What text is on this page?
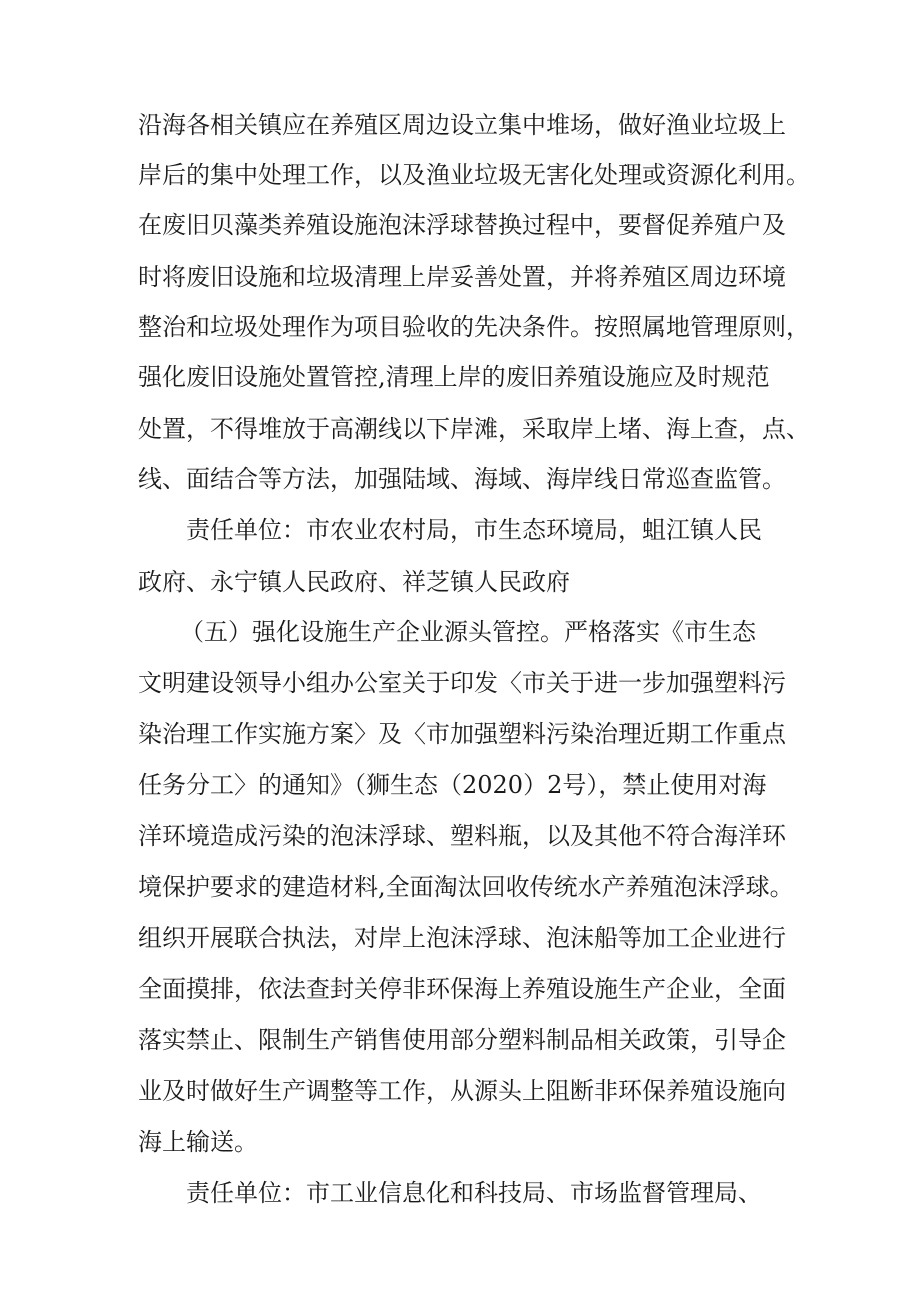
沿海各相关镇应在养殖区周边设立集中堆场，做好渔业垃圾上
岸后的集中处理工作，以及渔业垃圾无害化处理或资源化利用。
在废旧贝藻类养殖设施泡沫浮球替换过程中，要督促养殖户及
时将废旧设施和垃圾清理上岸妥善处置，并将养殖区周边环境
整治和垃圾处理作为项目验收的先决条件。按照属地管理原则，
强化废旧设施处置管控,清理上岸的废旧养殖设施应及时规范
处置，不得堆放于高潮线以下岸滩，采取岸上堵、海上查，点、
线、面结合等方法，加强陆域、海域、海岸线日常巡查监管。
责任单位：市农业农村局，市生态环境局，蛆江镇人民
政府、永宁镇人民政府、祥芝镇人民政府
（五）强化设施生产企业源头管控。严格落实《市生态
文明建设领导小组办公室关于印发〈市关于进一步加强塑料污
染治理工作实施方案〉及〈市加强塑料污染治理近期工作重点
任务分工〉的通知》（狮生态（2020）2号），禁止使用对海
洋环境造成污染的泡沫浮球、塑料瓶，以及其他不符合海洋环
境保护要求的建造材料,全面淘汰回收传统水产养殖泡沫浮球。
组织开展联合执法，对岸上泡沫浮球、泡沫船等加工企业进行
全面摸排，依法查封关停非环保海上养殖设施生产企业，全面
落实禁止、限制生产销售使用部分塑料制品相关政策，引导企
业及时做好生产调整等工作，从源头上阻断非环保养殖设施向
海上输送。
责任单位：市工业信息化和科技局、市场监督管理局、
